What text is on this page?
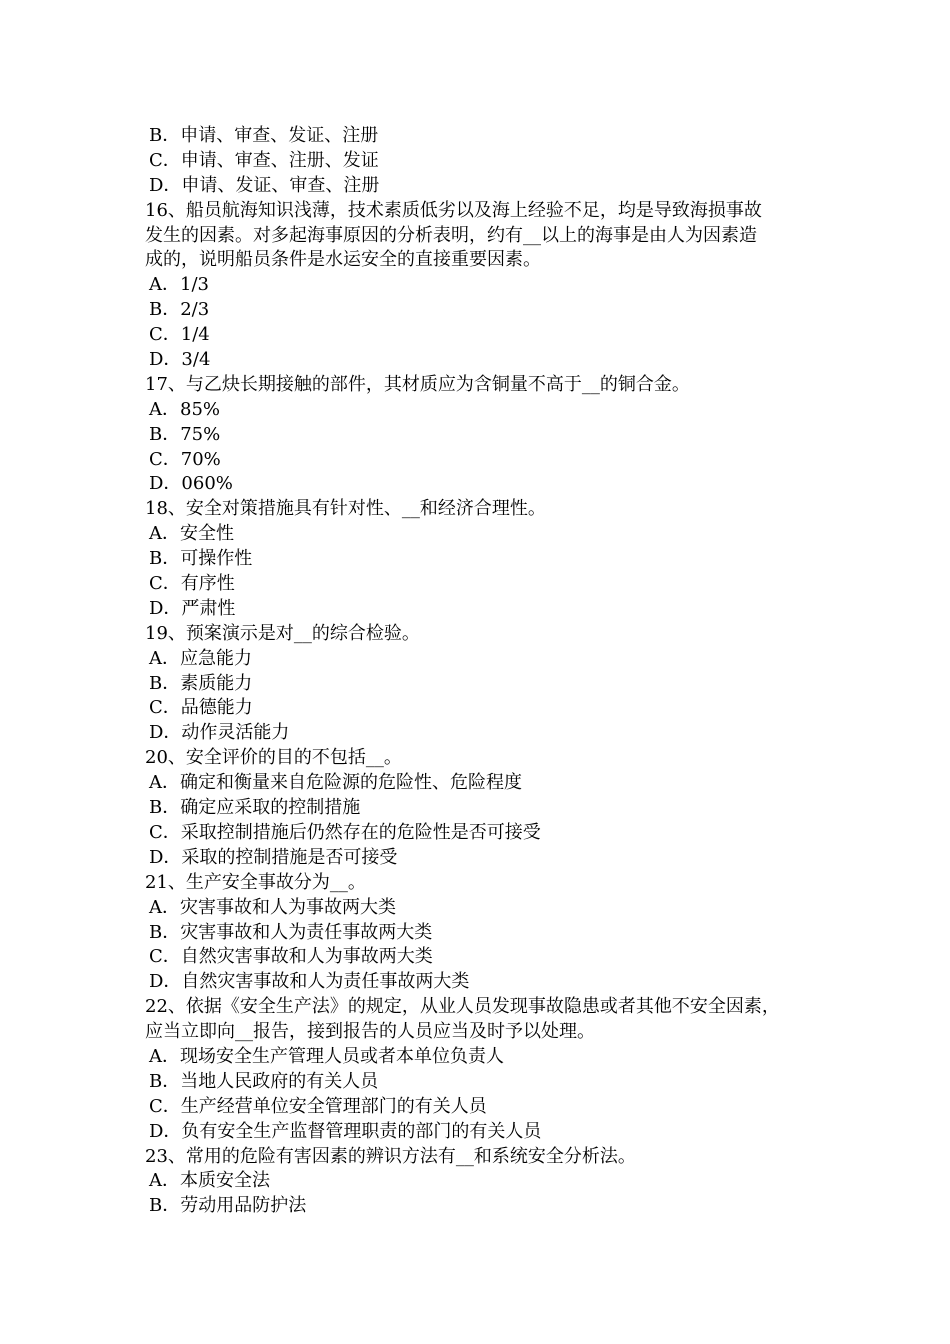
B．申请、审查、发证、注册
C．申请、审查、注册、发证
D．申请、发证、审查、注册
16、船员航海知识浅薄，技术素质低劣以及海上经验不足，均是导致海损事故
发生的因素。对多起海事原因的分析表明，约有__以上的海事是由人为因素造
成的，说明船员条件是水运安全的直接重要因素。
A．1/3
B．2/3
C．1/4
D．3/4
17、与乙炔长期接触的部件，其材质应为含铜量不高于__的铜合金。
A．85%
B．75%
C．70%
D．060%
18、安全对策措施具有针对性、__和经济合理性。
A．安全性
B．可操作性
C．有序性
D．严肃性
19、预案演示是对__的综合检验。
A．应急能力
B．素质能力
C．品德能力
D．动作灵活能力
20、安全评价的目的不包括__。
A．确定和衡量来自危险源的危险性、危险程度
B．确定应采取的控制措施
C．采取控制措施后仍然存在的危险性是否可接受
D．采取的控制措施是否可接受
21、生产安全事故分为__。
A．灾害事故和人为事故两大类
B．灾害事故和人为责任事故两大类
C．自然灾害事故和人为事故两大类
D．自然灾害事故和人为责任事故两大类
22、依据《安全生产法》的规定，从业人员发现事故隐患或者其他不安全因素，
应当立即向__报告，接到报告的人员应当及时予以处理。
A．现场安全生产管理人员或者本单位负责人
B．当地人民政府的有关人员
C．生产经营单位安全管理部门的有关人员
D．负有安全生产监督管理职责的部门的有关人员
23、常用的危险有害因素的辨识方法有__和系统安全分析法。
A．本质安全法
B．劳动用品防护法
